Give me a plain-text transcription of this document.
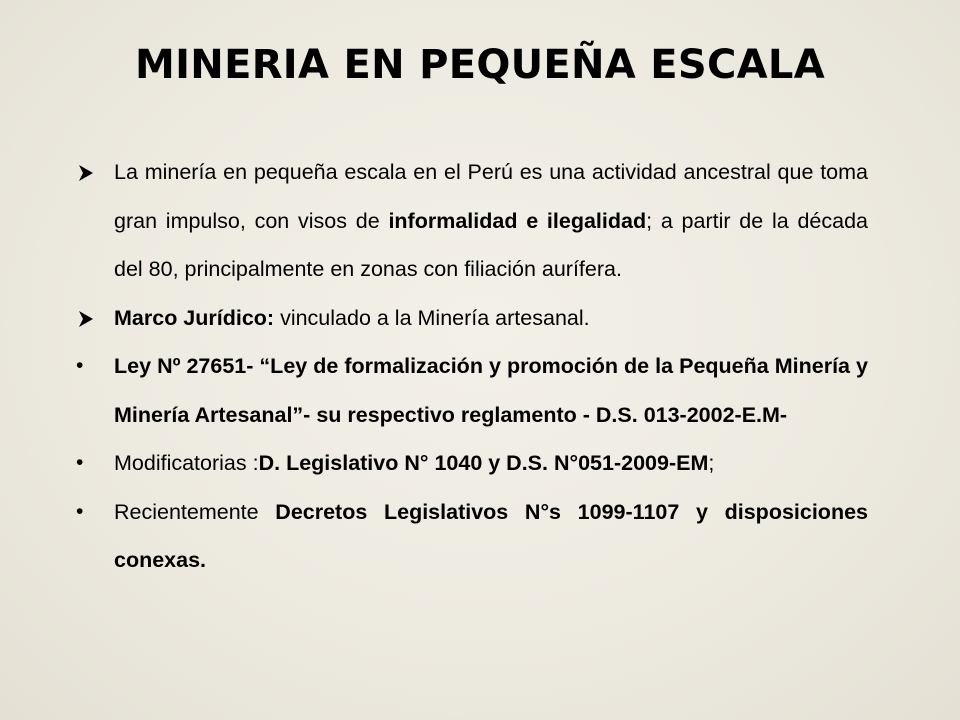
MINERIA EN PEQUEÑA ESCALA
La minería en pequeña escala en el Perú es una actividad ancestral que toma gran impulso, con visos de informalidad e ilegalidad; a partir de la década del 80, principalmente en zonas con filiación aurífera.
Marco Jurídico: vinculado a la Minería artesanal.
•	Ley Nº 27651- “Ley de formalización y promoción de la Pequeña Minería y Minería Artesanal”- su respectivo reglamento - D.S. 013-2002-E.M-
•	Modificatorias :D. Legislativo N° 1040 y D.S. N°051-2009-EM;
•	Recientemente Decretos Legislativos N°s 1099-1107 y disposiciones conexas.
